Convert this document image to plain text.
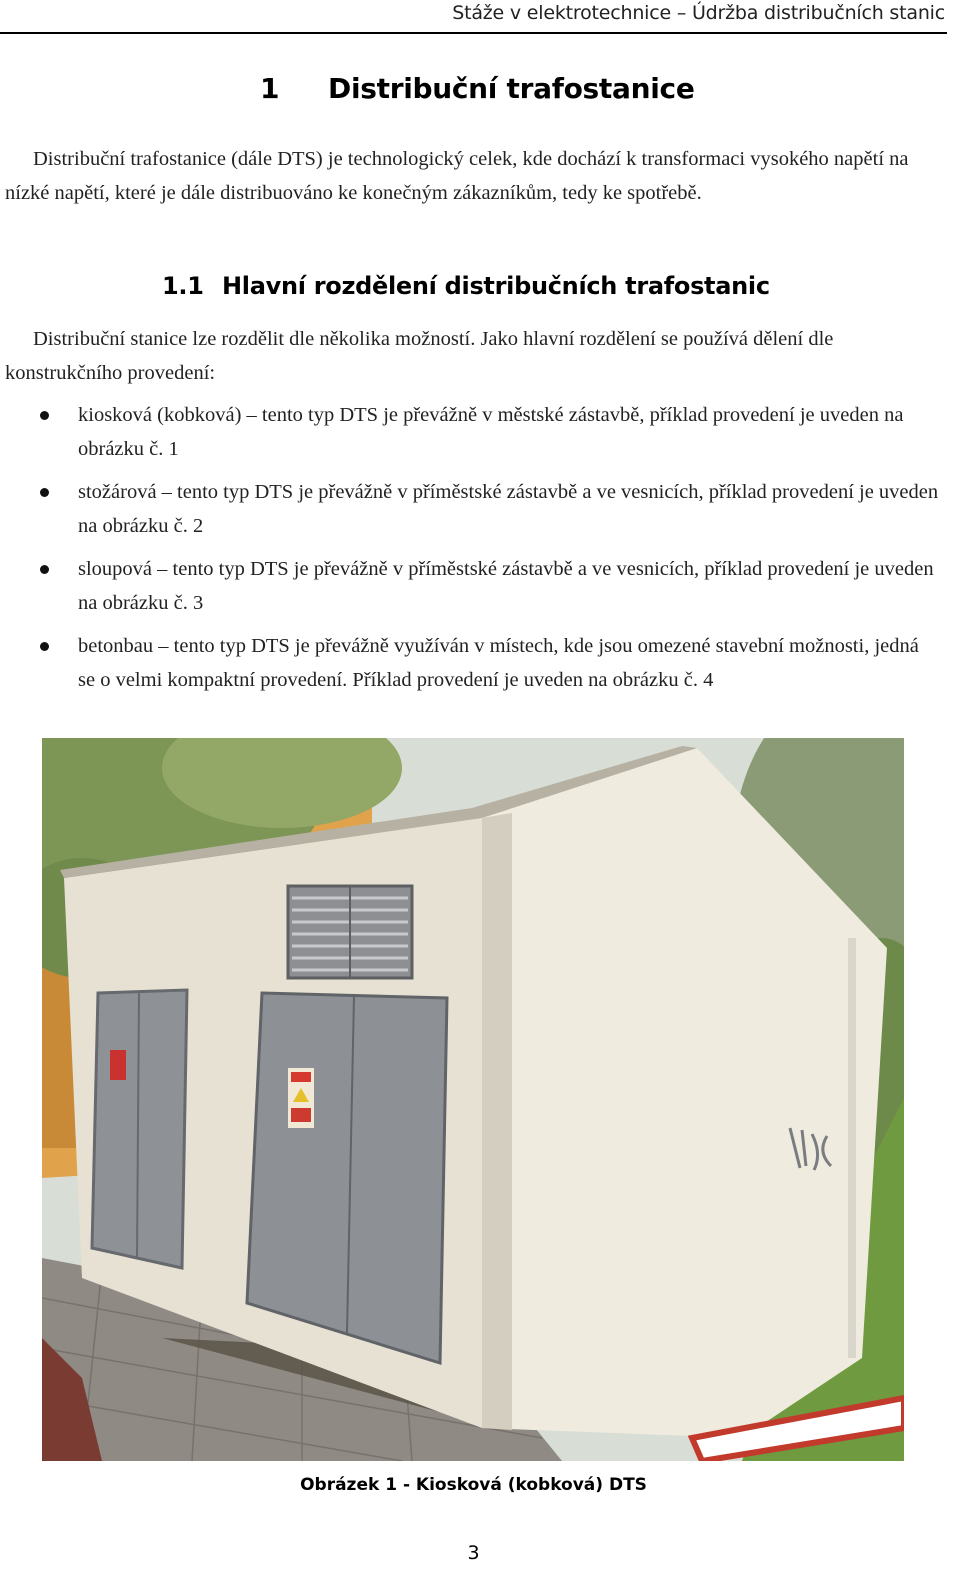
Stáže v elektrotechnice – Údržba distribučních stanic
1 Distribuční trafostanice

Distribuční trafostanice (dále DTS) je technologický celek, kde dochází k transformaci vysokého napětí na nízké napětí, které je dále distribuováno ke konečným zákazníkům, tedy ke spotřebě.

1.1 Hlavní rozdělení distribučních trafostanic

Distribuční stanice lze rozdělit dle několika možností. Jako hlavní rozdělení se používá dělení dle konstrukčního provedení:

kiosková (kobková) – tento typ DTS je převážně v městské zástavbě, příklad provedení je uveden na obrázku č. 1
stožárová – tento typ DTS je převážně v příměstské zástavbě a ve vesnicích, příklad provedení je uveden na obrázku č. 2
sloupová – tento typ DTS je převážně v příměstské zástavbě a ve vesnicích, příklad provedení je uveden na obrázku č. 3
betonbau – tento typ DTS je převážně využíván v místech, kde jsou omezené stavební možnosti, jedná se o velmi kompaktní provedení. Příklad provedení je uveden na obrázku č. 4
Obrázek 1 - Kiosková (kobková) DTS
3
